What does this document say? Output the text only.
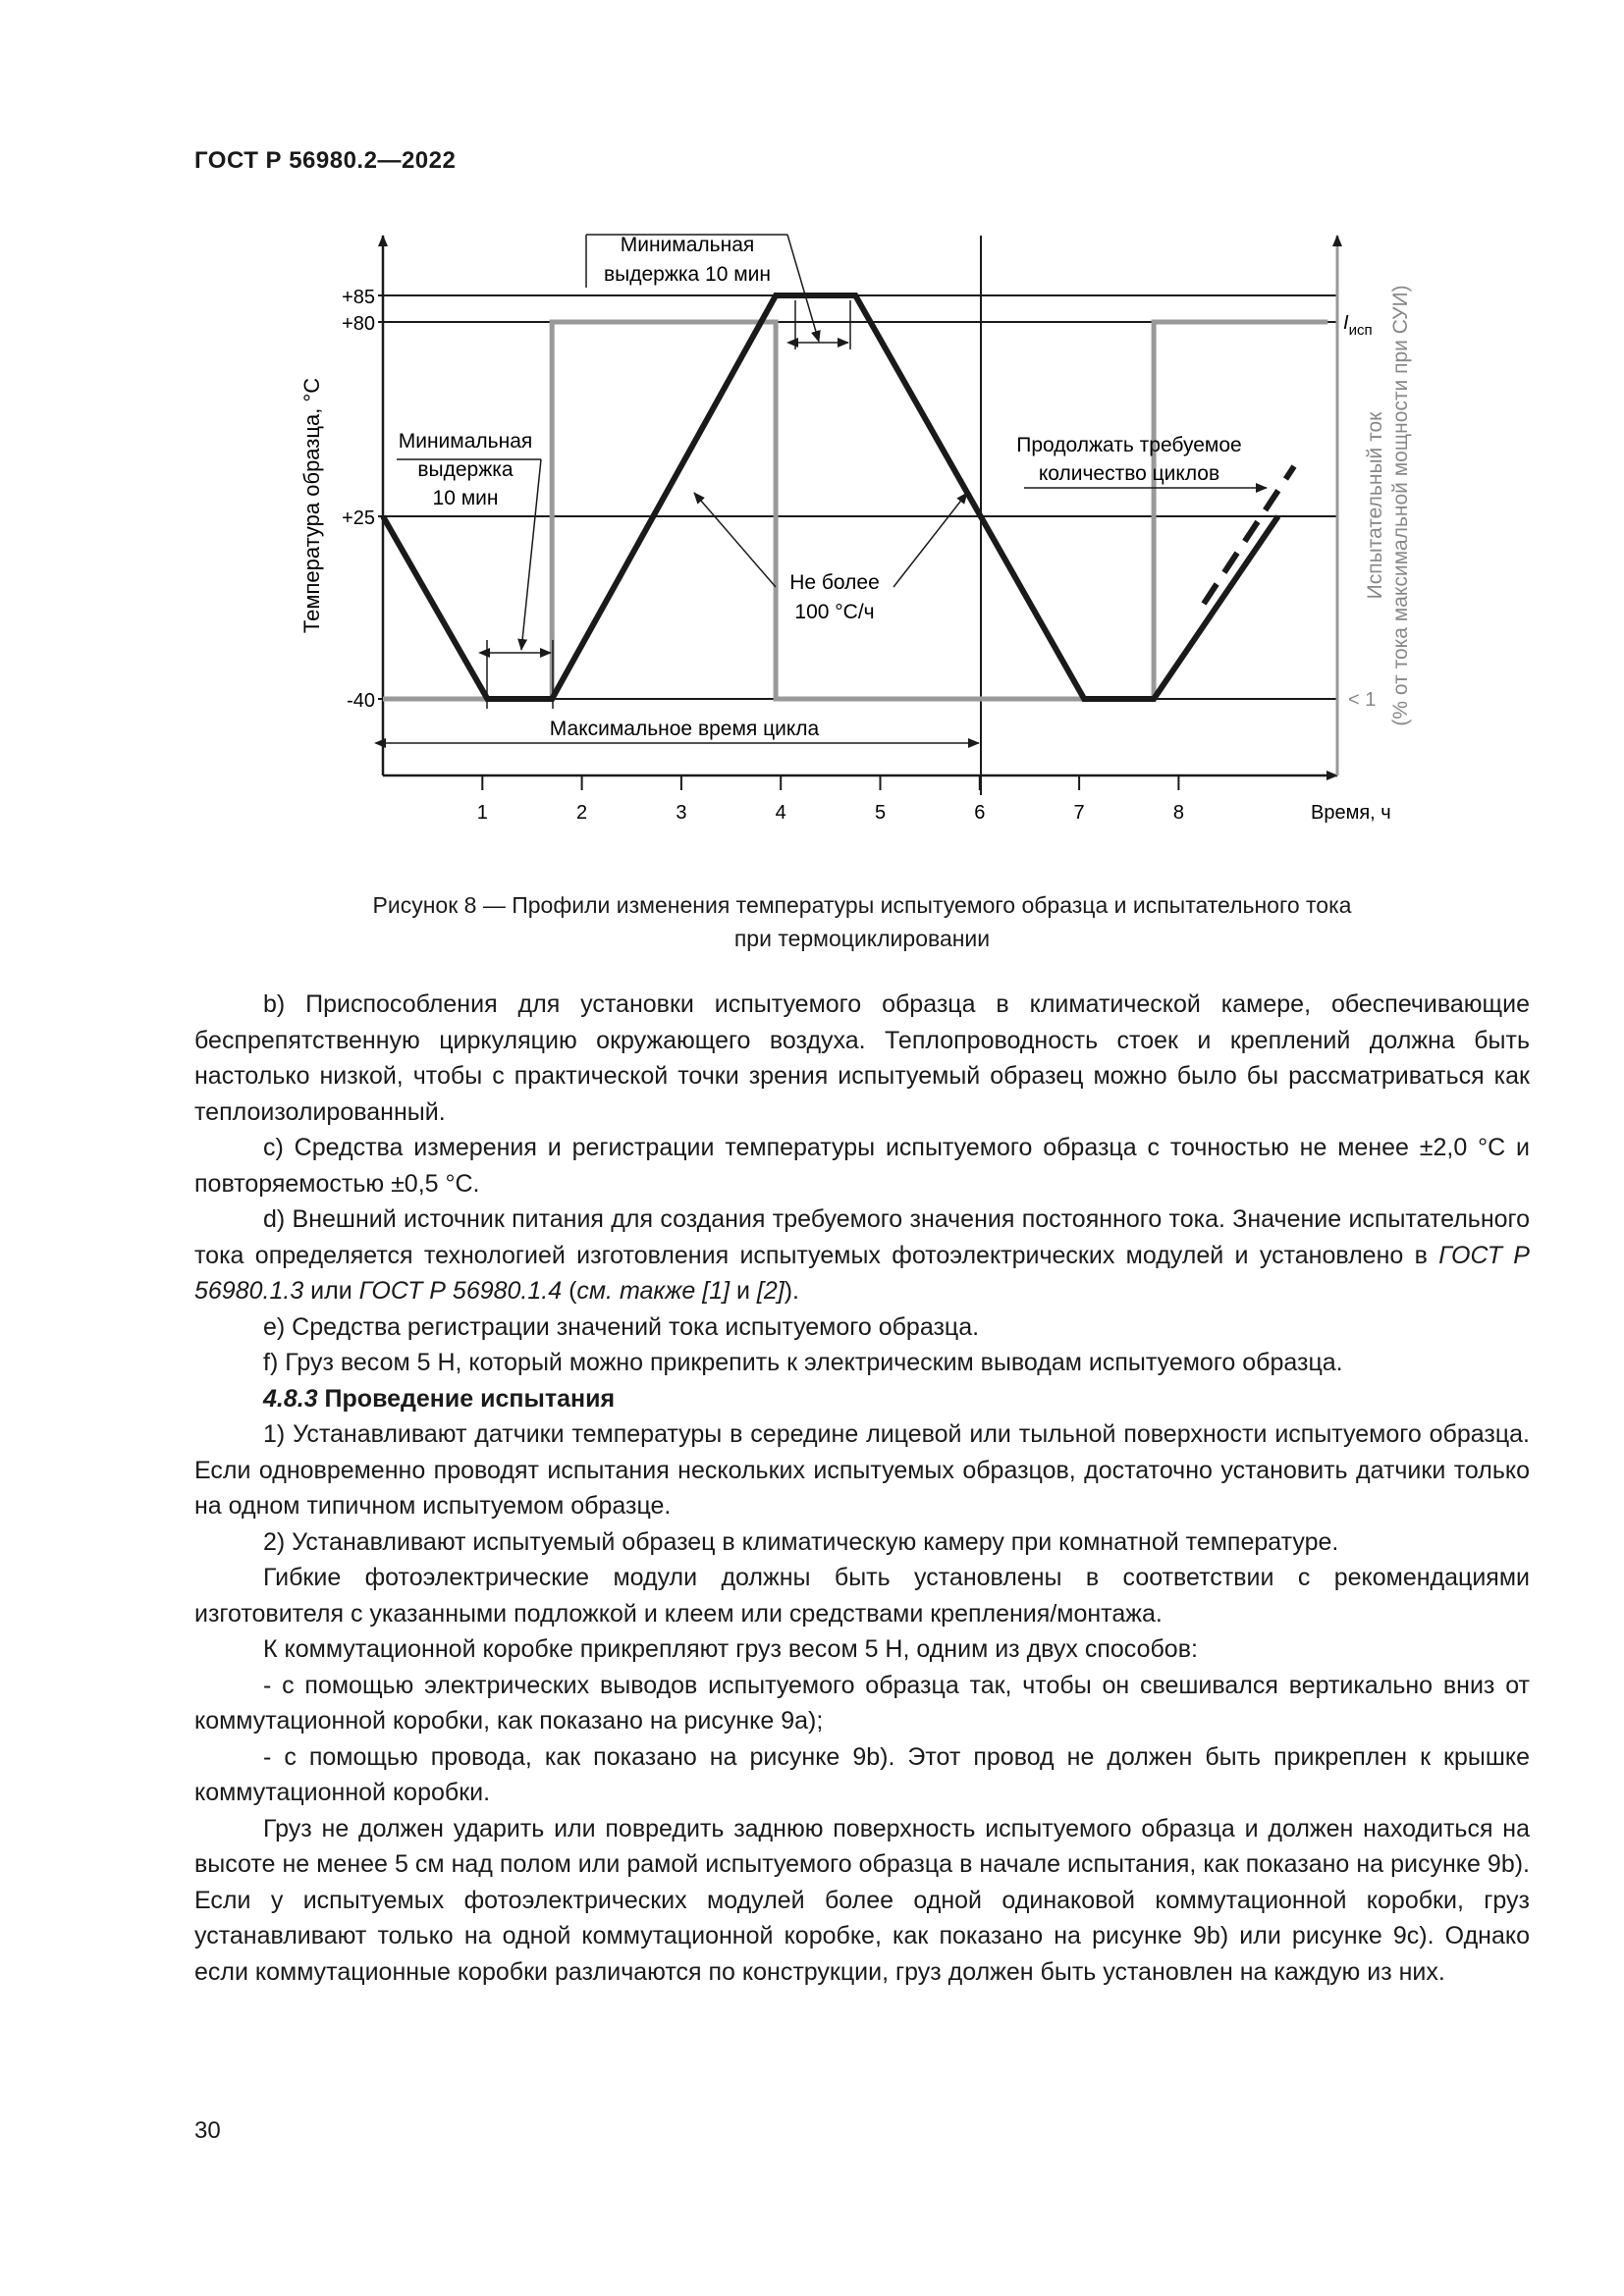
ГОСТ Р 56980.2—2022
1	2	3	4	5	6	7	8
+85
+80
+25
-40
Температура образца, °C	Испытательный ток (% от тока максимальной мощности при СУИ)
Время, ч
$I_{исп}$
< 1
Минимальная
выдержка 10 мин
Минимальная
выдержка
10 мин
Продолжать требуемое
количество циклов
Не более
100 °C/ч
Максимальное время цикла
Рисунок 8 — Профили изменения температуры испытуемого образца и испытательного тока
при термоциклировании

b) Приспособления для установки испытуемого образца в климатической камере, обеспечивающие беспрепятственную циркуляцию окружающего воздуха. Теплопроводность стоек и креплений должна быть настолько низкой, чтобы с практической точки зрения испытуемый образец можно было бы рассматриваться как теплоизолированный.

c) Средства измерения и регистрации температуры испытуемого образца с точностью не менее ±2,0 °C и повторяемостью ±0,5 °C.

d) Внешний источник питания для создания требуемого значения постоянного тока. Значение испытательного тока определяется технологией изготовления испытуемых фотоэлектрических модулей и установлено в ГОСТ Р 56980.1.3 или ГОСТ Р 56980.1.4 (см. также [1] и [2]).

e) Средства регистрации значений тока испытуемого образца.

f) Груз весом 5 Н, который можно прикрепить к электрическим выводам испытуемого образца.

4.8.3 Проведение испытания

1) Устанавливают датчики температуры в середине лицевой или тыльной поверхности испытуемого образца. Если одновременно проводят испытания нескольких испытуемых образцов, достаточно установить датчики только на одном типичном испытуемом образце.

2) Устанавливают испытуемый образец в климатическую камеру при комнатной температуре.

Гибкие фотоэлектрические модули должны быть установлены в соответствии с рекомендациями изготовителя с указанными подложкой и клеем или средствами крепления/монтажа.

К коммутационной коробке прикрепляют груз весом 5 Н, одним из двух способов:

- с помощью электрических выводов испытуемого образца так, чтобы он свешивался вертикально вниз от коммутационной коробки, как показано на рисунке 9а);

- с помощью провода, как показано на рисунке 9b). Этот провод не должен быть прикреплен к крышке коммутационной коробки.

Груз не должен ударить или повредить заднюю поверхность испытуемого образца и должен находиться на высоте не менее 5 см над полом или рамой испытуемого образца в начале испытания, как показано на рисунке 9b). Если у испытуемых фотоэлектрических модулей более одной одинаковой коммутационной коробки, груз устанавливают только на одной коммутационной коробке, как показано на рисунке 9b) или рисунке 9c). Однако если коммутационные коробки различаются по конструкции, груз должен быть установлен на каждую из них.

30
